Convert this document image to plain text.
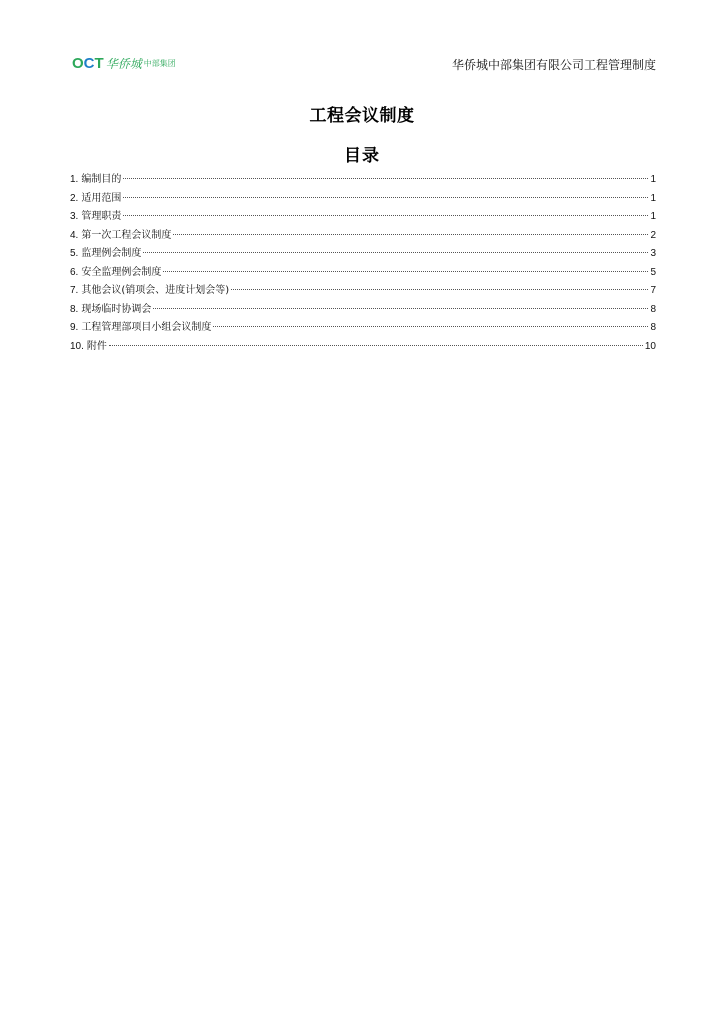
OCT 华侨城 中部集团	华侨城中部集团有限公司工程管理制度
工程会议制度
目录
1. 编制目的	1
2. 适用范围	1
3. 管理职责	1
4. 第一次工程会议制度	2
5. 监理例会制度	3
6. 安全监理例会制度	5
7. 其他会议(销项会、进度计划会等)	7
8. 现场临时协调会	8
9. 工程管理部项目小组会议制度	8
10. 附件	10
